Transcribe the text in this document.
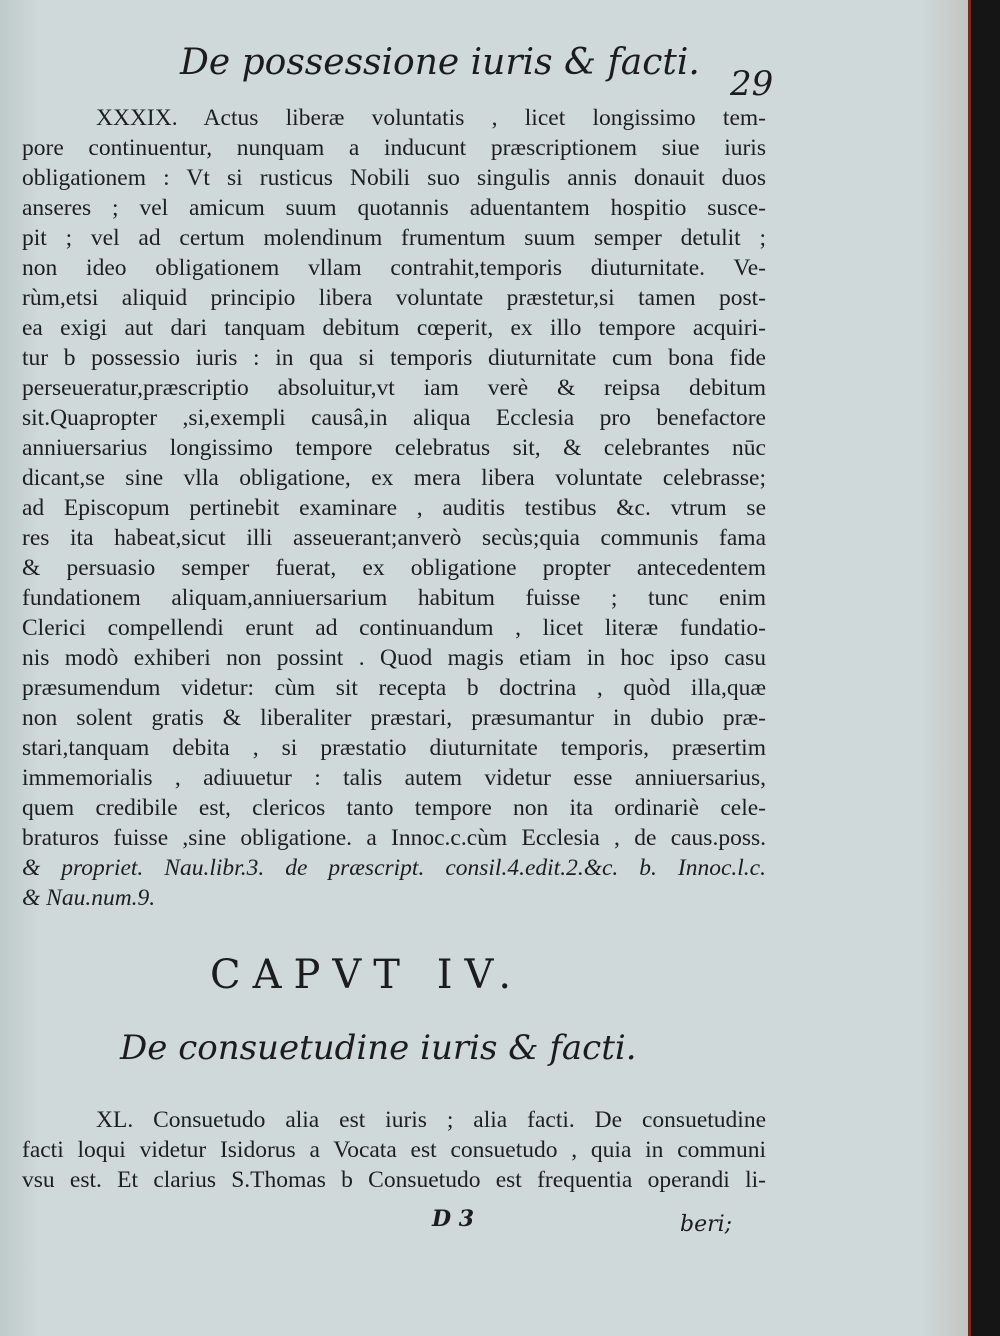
De possessione iuris & facti.

29

XXXIX. Actus liberæ voluntatis , licet longissimo tem-

pore continuentur, nunquam a inducunt præscriptionem siue iuris

obligationem : Vt si rusticus Nobili suo singulis annis donauit duos

anseres ; vel amicum suum quotannis aduentantem hospitio susce-

pit ; vel ad certum molendinum frumentum suum semper detulit ;

non ideo obligationem vllam contrahit,temporis diuturnitate. Ve-

rùm,etsi aliquid principio libera voluntate præstetur,si tamen post-

ea exigi aut dari tanquam debitum cœperit, ex illo tempore acquiri-

tur b possessio iuris : in qua si temporis diuturnitate cum bona fide

perseueratur,præscriptio absoluitur,vt iam verè & reipsa debitum

sit.Quapropter ,si,exempli causâ,in aliqua Ecclesia pro benefactore

anniuersarius longissimo tempore celebratus sit, & celebrantes nūc

dicant,se sine vlla obligatione, ex mera libera voluntate celebrasse;

ad Episcopum pertinebit examinare , auditis testibus &c. vtrum se

res ita habeat,sicut illi asseuerant;anverò secùs;quia communis fama

& persuasio semper fuerat, ex obligatione propter antecedentem

fundationem aliquam,anniuersarium habitum fuisse ; tunc enim

Clerici compellendi erunt ad continuandum , licet literæ fundatio-

nis modò exhiberi non possint . Quod magis etiam in hoc ipso casu

præsumendum videtur: cùm sit recepta b doctrina , quòd illa,quæ

non solent gratis & liberaliter præstari, præsumantur in dubio præ-

stari,tanquam debita , si præstatio diuturnitate temporis, præsertim

immemorialis , adiuuetur : talis autem videtur esse anniuersarius,

quem credibile est, clericos tanto tempore non ita ordinariè cele-

braturos fuisse ,sine obligatione. a Innoc.c.cùm Ecclesia , de caus.poss.

& propriet. Nau.libr.3. de præscript. consil.4.edit.2.&c. b. Innoc.l.c.

& Nau.num.9.

CAPVT IV.

De consuetudine iuris & facti.

XL. Consuetudo alia est iuris ; alia facti. De consuetudine

facti loqui videtur Isidorus a Vocata est consuetudo , quia in communi

vsu est. Et clarius S.Thomas b Consuetudo est frequentia operandi li-

D 3	beri;
